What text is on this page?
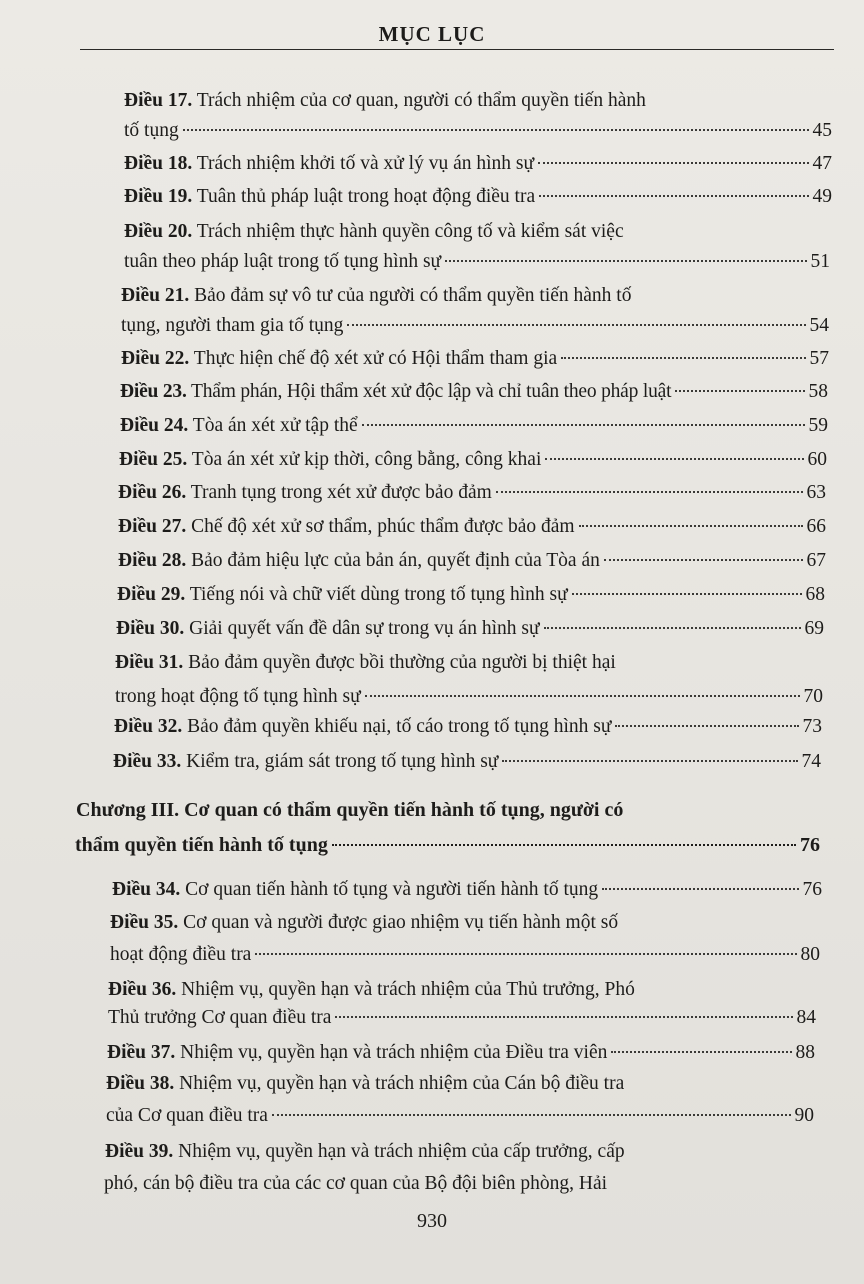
MỤC LỤC
Điều 17. Trách nhiệm của cơ quan, người có thẩm quyền tiến hành
tố tụng	45
Điều 18. Trách nhiệm khởi tố và xử lý vụ án hình sự	47
Điều 19. Tuân thủ pháp luật trong hoạt động điều tra	49
Điều 20. Trách nhiệm thực hành quyền công tố và kiểm sát việc
tuân theo pháp luật trong tố tụng hình sự	51
Điều 21. Bảo đảm sự vô tư của người có thẩm quyền tiến hành tố
tụng, người tham gia tố tụng	54
Điều 22. Thực hiện chế độ xét xử có Hội thẩm tham gia	57
Điều 23. Thẩm phán, Hội thẩm xét xử độc lập và chỉ tuân theo pháp luật	58
Điều 24. Tòa án xét xử tập thể	59
Điều 25. Tòa án xét xử kịp thời, công bằng, công khai	60
Điều 26. Tranh tụng trong xét xử được bảo đảm	63
Điều 27. Chế độ xét xử sơ thẩm, phúc thẩm được bảo đảm	66
Điều 28. Bảo đảm hiệu lực của bản án, quyết định của Tòa án	67
Điều 29. Tiếng nói và chữ viết dùng trong tố tụng hình sự	68
Điều 30. Giải quyết vấn đề dân sự trong vụ án hình sự	69
Điều 31. Bảo đảm quyền được bồi thường của người bị thiệt hại
trong hoạt động tố tụng hình sự	70
Điều 32. Bảo đảm quyền khiếu nại, tố cáo trong tố tụng hình sự	73
Điều 33. Kiểm tra, giám sát trong tố tụng hình sự	74
Chương III. Cơ quan có thẩm quyền tiến hành tố tụng, người có
thẩm quyền tiến hành tố tụng	76
Điều 34. Cơ quan tiến hành tố tụng và người tiến hành tố tụng	76
Điều 35. Cơ quan và người được giao nhiệm vụ tiến hành một số
hoạt động điều tra	80
Điều 36. Nhiệm vụ, quyền hạn và trách nhiệm của Thủ trưởng, Phó
Thủ trưởng Cơ quan điều tra	84
Điều 37. Nhiệm vụ, quyền hạn và trách nhiệm của Điều tra viên	88
Điều 38. Nhiệm vụ, quyền hạn và trách nhiệm của Cán bộ điều tra
của Cơ quan điều tra	90
Điều 39. Nhiệm vụ, quyền hạn và trách nhiệm của cấp trưởng, cấp
phó, cán bộ điều tra của các cơ quan của Bộ đội biên phòng, Hải
930
